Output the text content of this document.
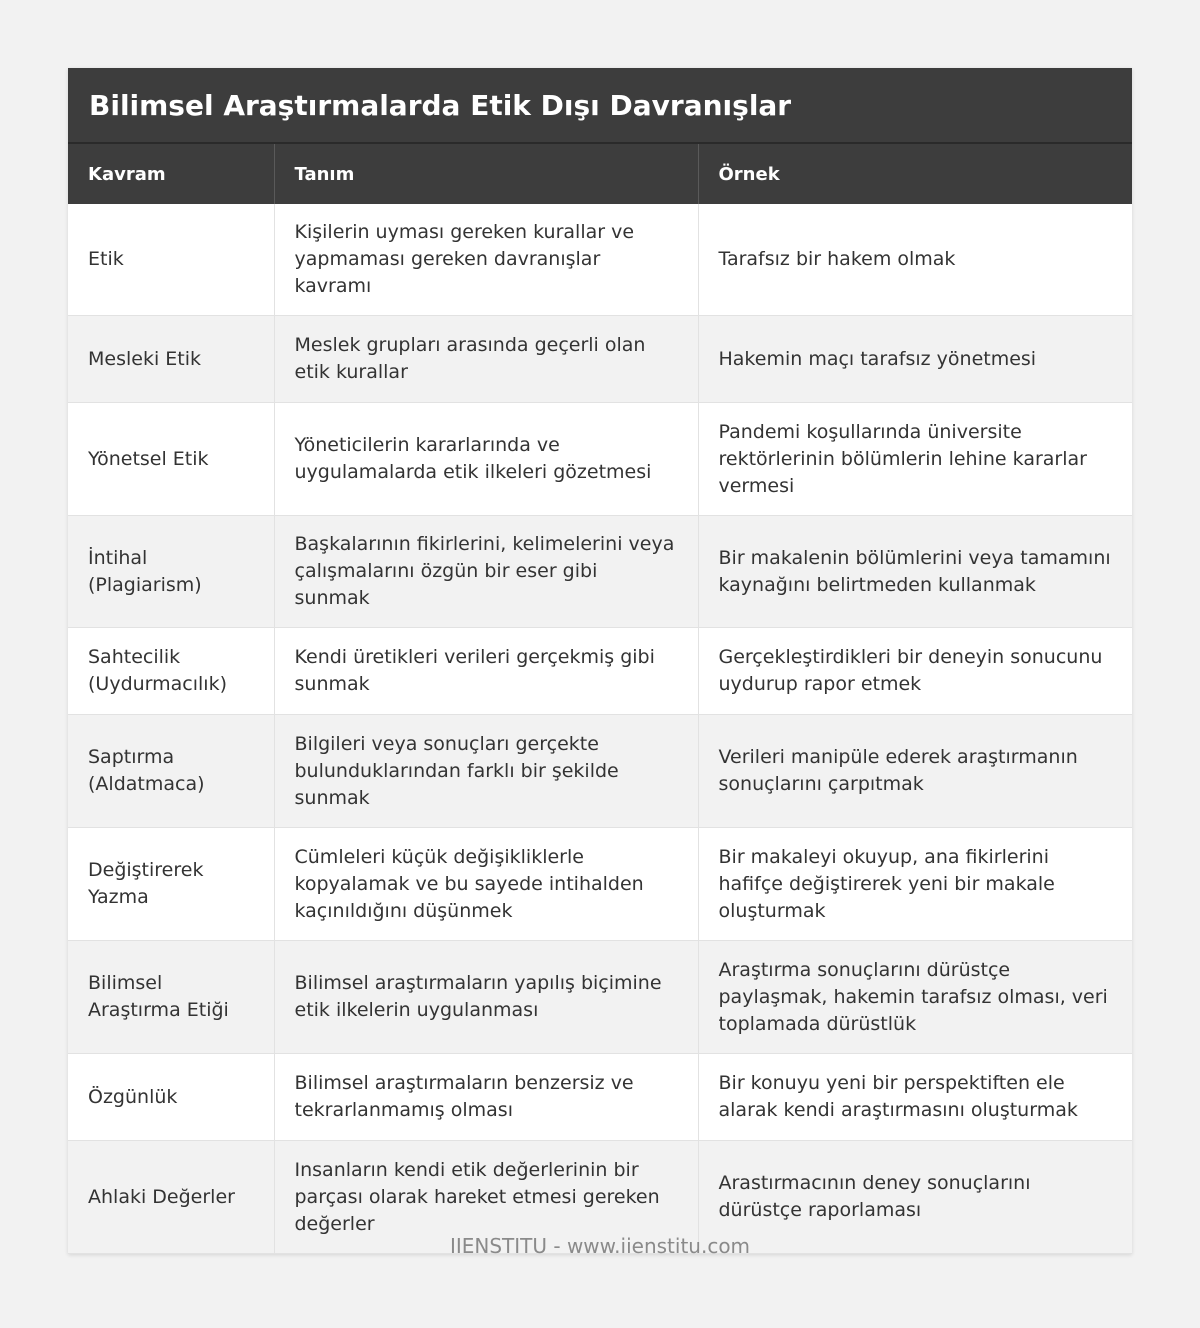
Bilimsel Araştırmalarda Etik Dışı Davranışlar
Kavram	Tanım	Örnek
Etik	Kişilerin uyması gereken kurallar ve yapmaması gereken davranışlar kavramı	Tarafsız bir hakem olmak
Mesleki Etik	Meslek grupları arasında geçerli olan etik kurallar	Hakemin maçı tarafsız yönetmesi
Yönetsel Etik	Yöneticilerin kararlarında ve uygulamalarda etik ilkeleri gözetmesi	Pandemi koşullarında üniversite rektörlerinin bölümlerin lehine kararlar vermesi
İntihal (Plagiarism)	Başkalarının fikirlerini, kelimelerini veya çalışmalarını özgün bir eser gibi sunmak	Bir makalenin bölümlerini veya tamamını kaynağını belirtmeden kullanmak
Sahtecilik (Uydurmacılık)	Kendi üretikleri verileri gerçekmiş gibi sunmak	Gerçekleştirdikleri bir deneyin sonucunu uydurup rapor etmek
Saptırma (Aldatmaca)	Bilgileri veya sonuçları gerçekte bulunduklarından farklı bir şekilde sunmak	Verileri manipüle ederek araştırmanın sonuçlarını çarpıtmak
Değiştirerek Yazma	Cümleleri küçük değişikliklerle kopyalamak ve bu sayede intihalden kaçınıldığını düşünmek	Bir makaleyi okuyup, ana fikirlerini hafifçe değiştirerek yeni bir makale oluşturmak
Bilimsel Araştırma Etiği	Bilimsel araştırmaların yapılış biçimine etik ilkelerin uygulanması	Araştırma sonuçlarını dürüstçe paylaşmak, hakemin tarafsız olması, veri toplamada dürüstlük
Özgünlük	Bilimsel araştırmaların benzersiz ve tekrarlanmamış olması	Bir konuyu yeni bir perspektiften ele alarak kendi araştırmasını oluşturmak
Ahlaki Değerler	Insanların kendi etik değerlerinin bir parçası olarak hareket etmesi gereken değerler	Arastırmacının deney sonuçlarını dürüstçe raporlaması
IIENSTITU - www.iienstitu.com
